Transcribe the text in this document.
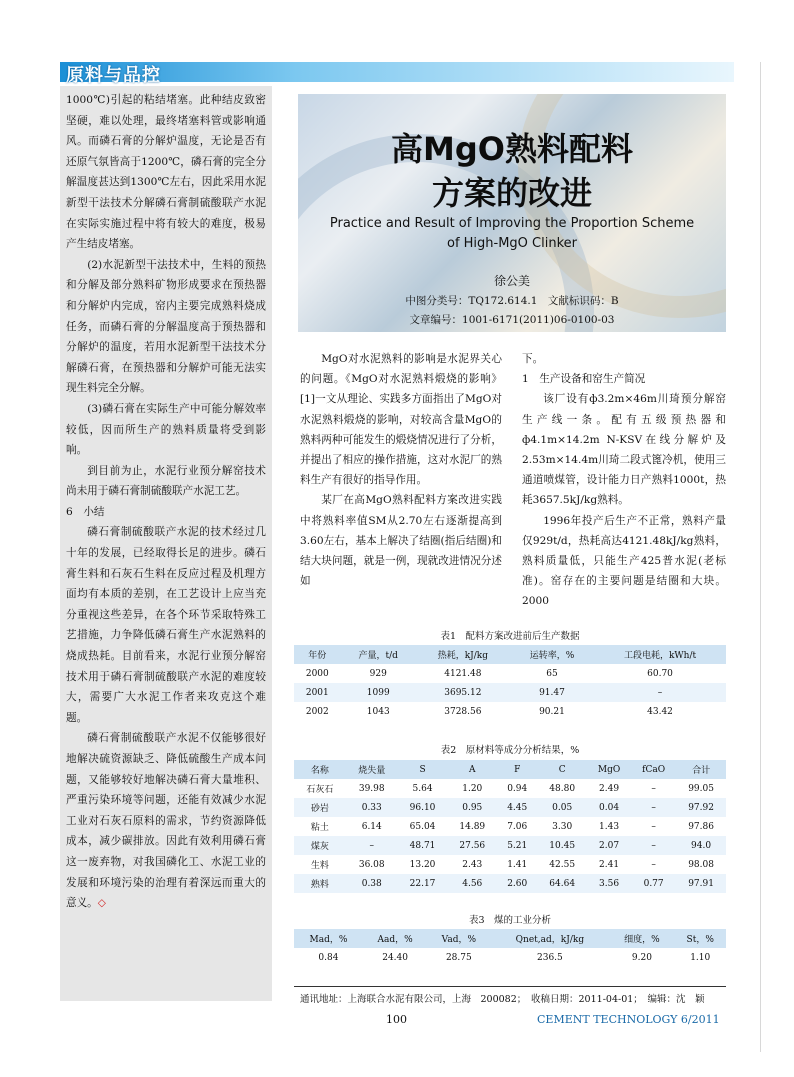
原料与品控

1000℃)引起的粘结堵塞。此种结皮致密坚硬，难以处理，最终堵塞料管或影响通风。而磷石膏的分解炉温度，无论是否有还原气氛皆高于1200℃，磷石膏的完全分解温度甚达到1300℃左右，因此采用水泥新型干法技术分解磷石膏制硫酸联产水泥在实际实施过程中将有较大的难度，极易产生结皮堵塞。

(2)水泥新型干法技术中，生料的预热和分解及部分熟料矿物形成要求在预热器和分解炉内完成，窑内主要完成熟料烧成任务，而磷石膏的分解温度高于预热器和分解炉的温度，若用水泥新型干法技术分解磷石膏，在预热器和分解炉可能无法实现生料完全分解。

(3)磷石膏在实际生产中可能分解效率较低，因而所生产的熟料质量将受到影响。

到目前为止，水泥行业预分解窑技术尚未用于磷石膏制硫酸联产水泥工艺。

6　小结

磷石膏制硫酸联产水泥的技术经过几十年的发展，已经取得长足的进步。磷石膏生料和石灰石生料在反应过程及机理方面均有本质的差别，在工艺设计上应当充分重视这些差异，在各个环节采取特殊工艺措施，力争降低磷石膏生产水泥熟料的烧成热耗。目前看来，水泥行业预分解窑技术用于磷石膏制硫酸联产水泥的难度较大，需要广大水泥工作者来攻克这个难题。

磷石膏制硫酸联产水泥不仅能够很好地解决硫资源缺乏、降低硫酸生产成本问题，又能够较好地解决磷石膏大量堆积、严重污染环境等问题，还能有效减少水泥工业对石灰石原料的需求，节约资源降低成本，减少碳排放。因此有效利用磷石膏这一废弃物，对我国磷化工、水泥工业的发展和环境污染的治理有着深远而重大的意义。◇

高MgO熟料配料
方案的改进
Practice and Result of Improving the Proportion Scheme
of High-MgO Clinker
徐公美
中图分类号：TQ172.614.1　文献标识码：B
文章编号：1001-6171(2011)06-0100-03

MgO对水泥熟料的影响是水泥界关心的问题。《MgO对水泥熟料煅烧的影响》[1]一文从理论、实践多方面指出了MgO对水泥熟料煅烧的影响，对较高含量MgO的熟料两种可能发生的煅烧情况进行了分析，并提出了相应的操作措施，这对水泥厂的熟料生产有很好的指导作用。

某厂在高MgO熟料配料方案改进实践中将熟料率值SM从2.70左右逐渐提高到3.60左右，基本上解决了结圈(指后结圈)和结大块问题，就是一例，现就改进情况分述如

下。

1　生产设备和窑生产简况

该厂设有ф3.2m×46m川琦预分解窑生产线一条。配有五级预热器和ф4.1m×14.2m N-KSV在线分解炉及2.53m×14.4m川琦二段式篦冷机，使用三通道喷煤管，设计能力日产熟料1000t，热耗3657.5kJ/kg熟料。

1996年投产后生产不正常，熟料产量仅929t/d，热耗高达4121.48kJ/kg熟料，熟料质量低，只能生产425普水泥(老标准)。窑存在的主要问题是结圈和大块。2000

表1　配料方案改进前后生产数据
年份	产量，t/d	热耗，kJ/kg	运转率，%	工段电耗，kWh/t
2000	929	4121.48	65	60.70
2001	1099	3695.12	91.47	–
2002	1043	3728.56	90.21	43.42
表2　原材料等成分分析结果，%
名称	烧失量	S	A	F	C	MgO	fCaO	合计
石灰石	39.98	5.64	1.20	0.94	48.80	2.49	–	99.05
砂岩	0.33	96.10	0.95	4.45	0.05	0.04	–	97.92
粘土	6.14	65.04	14.89	7.06	3.30	1.43	–	97.86
煤灰	–	48.71	27.56	5.21	10.45	2.07	–	94.0
生料	36.08	13.20	2.43	1.41	42.55	2.41	–	98.08
熟料	0.38	22.17	4.56	2.60	64.64	3.56	0.77	97.91
表3　煤的工业分析
Mad，%	Aad，%	Vad，%	Qnet,ad，kJ/kg	细度，%	St，%
0.84	24.40	28.75	236.5	9.20	1.10
通讯地址：上海联合水泥有限公司，上海　200082；　收稿日期：2011-04-01；　编辑：沈　颖
100	CEMENT TECHNOLOGY 6/2011
